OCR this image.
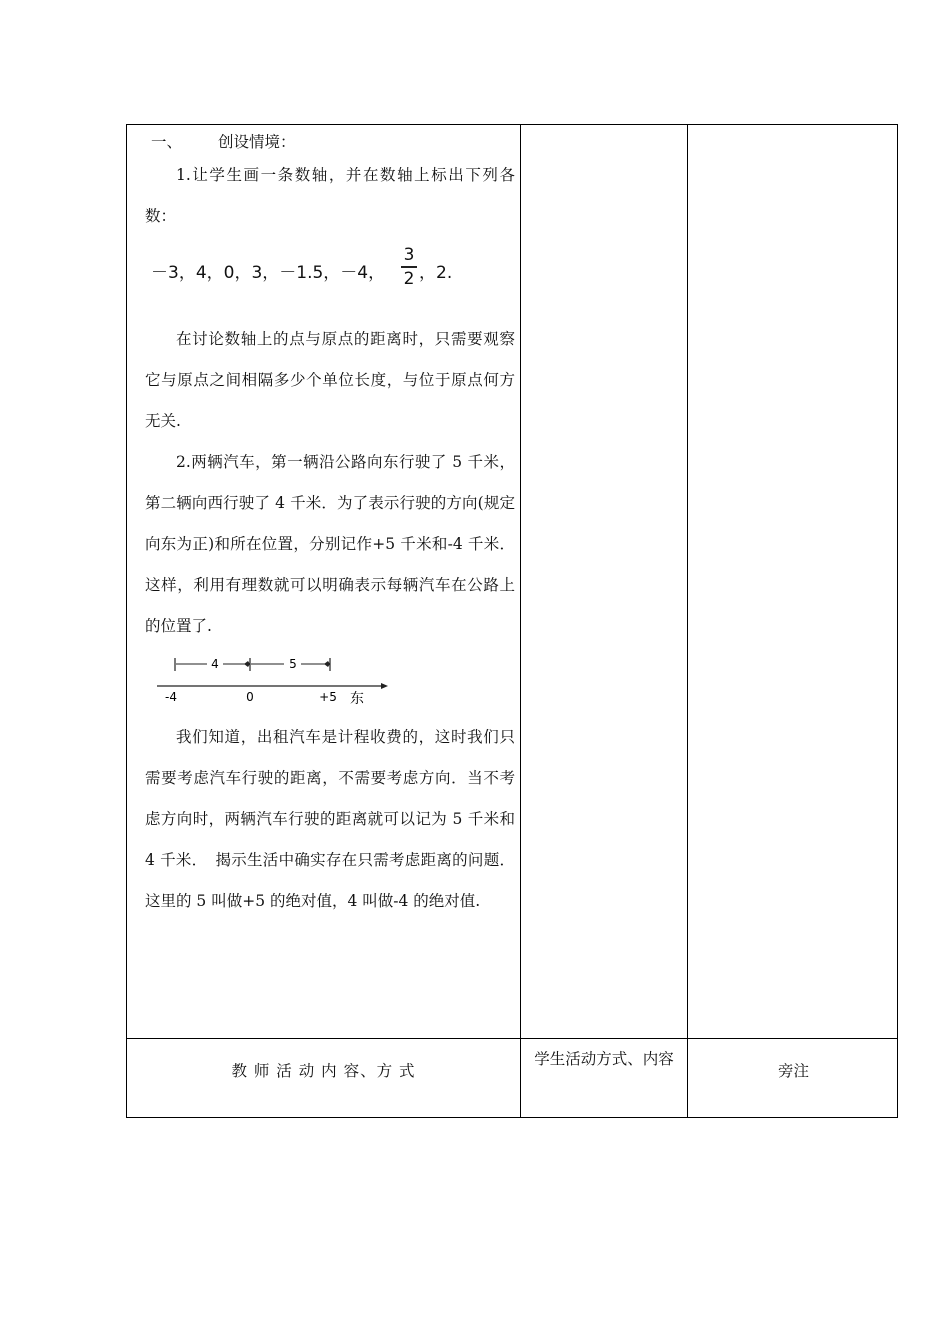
一、 创设情境：

1.让学生画一条数轴，并在数轴上标出下列各数：

－3，4，0，3，－1.5，－4，
3
2 ，2.

在讨论数轴上的点与原点的距离时，只需要观察它与原点之间相隔多少个单位长度，与位于原点何方无关.

2.两辆汽车，第一辆沿公路向东行驶了 5 千米，第二辆向西行驶了 4 千米．为了表示行驶的方向(规定向东为正)和所在位置，分别记作+5 千米和-4 千米．这样，利用有理数就可以明确表示每辆汽车在公路上的位置了.

4	5
-4	0	+5 东

我们知道，出租汽车是计程收费的，这时我们只需要考虑汽车行驶的距离，不需要考虑方向．当不考虑方向时，两辆汽车行驶的距离就可以记为 5 千米和 4 千米．　揭示生活中确实存在只需考虑距离的问题．这里的 5 叫做+5 的绝对值，4 叫做-4 的绝对值.

教 师 活 动 内 容、方 式
学生活动方式、内容
旁注
